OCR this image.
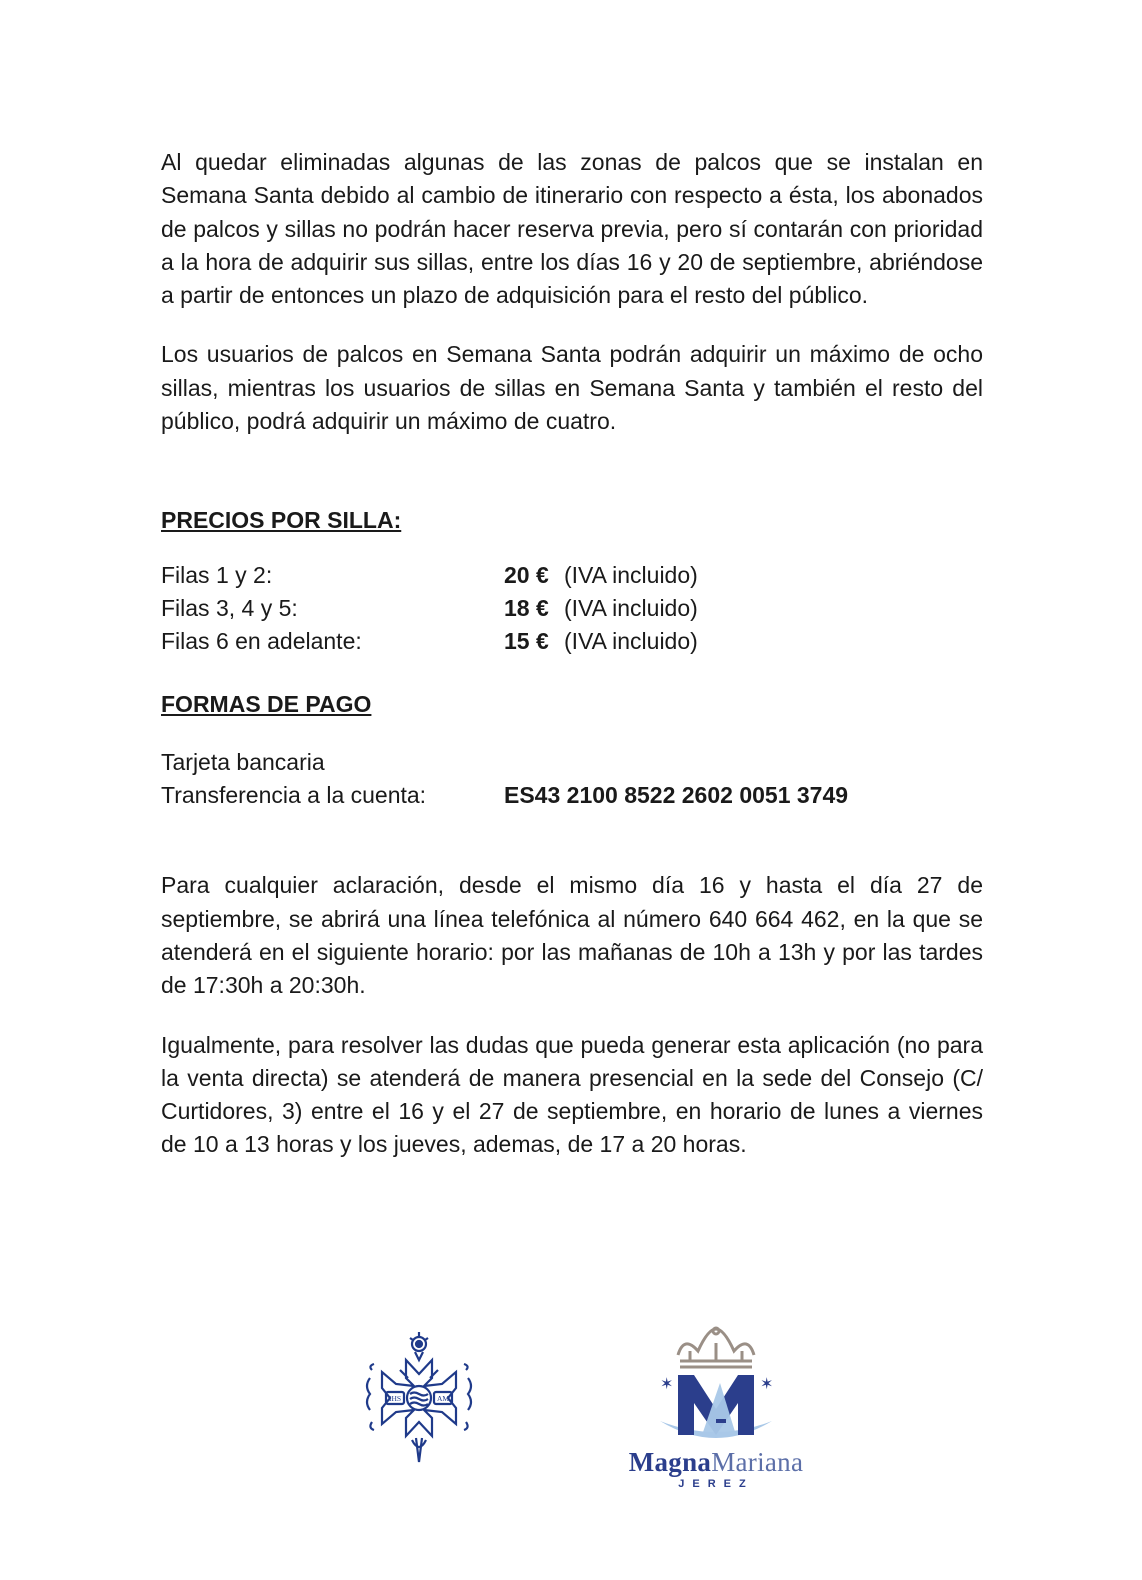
Al quedar eliminadas algunas de las zonas de palcos que se instalan en Semana Santa debido al cambio de itinerario con respecto a ésta, los abonados de palcos y sillas no podrán hacer reserva previa, pero sí contarán con prioridad a la hora de adquirir sus sillas, entre los días 16 y 20 de septiembre, abriéndose a partir de entonces un plazo de adquisición para el resto del público.

Los usuarios de palcos en Semana Santa podrán adquirir un máximo de ocho sillas, mientras los usuarios de sillas en Semana Santa y también el resto del público, podrá adquirir un máximo de cuatro.

PRECIOS POR SILLA:
Filas 1 y 2:	20 € (IVA incluido)
Filas 3, 4 y 5:	18 € (IVA incluido)
Filas 6 en adelante:	15 € (IVA incluido)
FORMAS DE PAGO
Tarjeta bancaria
Transferencia a la cuenta:	ES43 2100 8522 2602 0051 3749

Para cualquier aclaración, desde el mismo día 16 y hasta el día 27 de septiembre, se abrirá una línea telefónica al número 640 664 462, en la que se atenderá en el siguiente horario: por las mañanas de 10h a 13h y por las tardes de 17:30h a 20:30h.

Igualmente, para resolver las dudas que pueda generar esta aplicación (no para la venta directa) se atenderá de manera presencial en la sede del Consejo (C/ Curtidores, 3) entre el 16 y el 27 de septiembre, en horario de lunes a viernes de 10 a 13 horas y los jueves, ademas, de 17 a 20 horas.

IHS	AM
✶	✶
MagnaMariana
JEREZ
